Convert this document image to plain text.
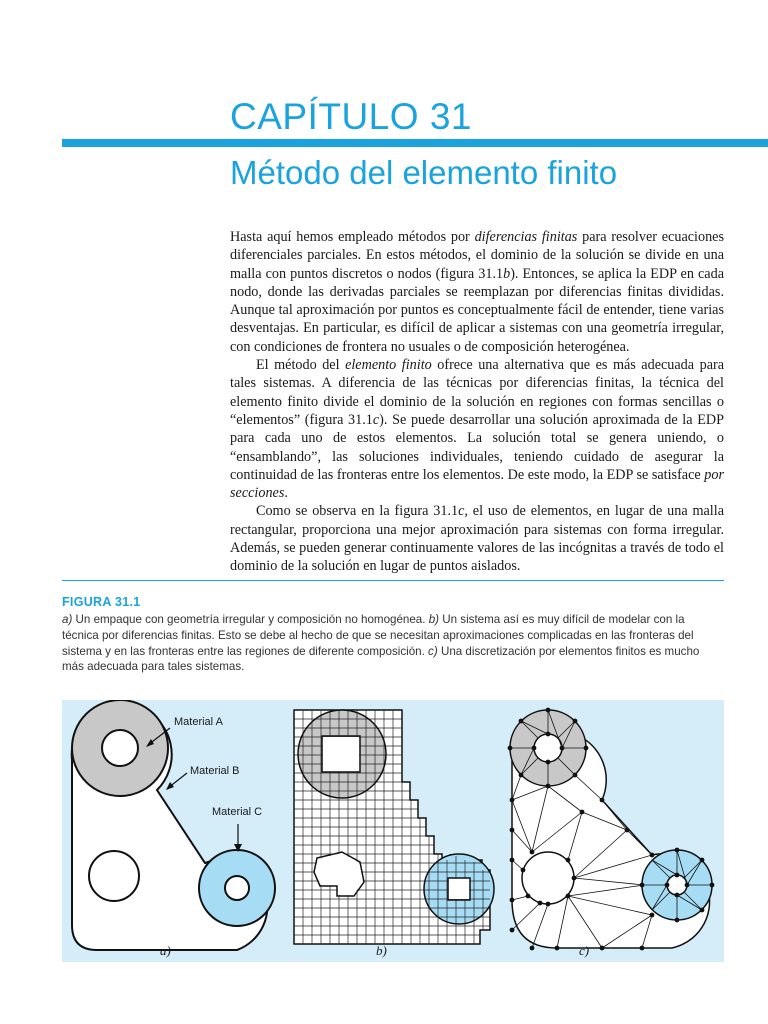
CAPÍTULO 31
Método del elemento finito

Hasta aquí hemos empleado métodos por diferencias finitas para resolver ecuaciones diferenciales parciales. En estos métodos, el dominio de la solución se divide en una malla con puntos discretos o nodos (figura 31.1b). Entonces, se aplica la EDP en cada nodo, donde las derivadas parciales se reemplazan por diferencias finitas divididas. Aunque tal aproximación por puntos es conceptualmente fácil de entender, tiene varias desventajas. En particular, es difícil de aplicar a sistemas con una geometría irregular, con condiciones de frontera no usuales o de composición heterogénea.

El método del elemento finito ofrece una alternativa que es más adecuada para tales sistemas. A diferencia de las técnicas por diferencias finitas, la técnica del elemento finito divide el dominio de la solución en regiones con formas sencillas o “elementos” (figura 31.1c). Se puede desarrollar una solución aproximada de la EDP para cada uno de estos elementos. La solución total se genera uniendo, o “ensamblando”, las soluciones individuales, teniendo cuidado de asegurar la continuidad de las fronteras entre los elementos. De este modo, la EDP se satisface por secciones.

Como se observa en la figura 31.1c, el uso de elementos, en lugar de una malla rectangular, proporciona una mejor aproximación para sistemas con forma irregular. Además, se pueden generar continuamente valores de las incógnitas a través de todo el dominio de la solución en lugar de puntos aislados.

FIGURA 31.1
a) Un empaque con geometría irregular y composición no homogénea. b) Un sistema así es muy difícil de modelar con la técnica por diferencias finitas. Esto se debe al hecho de que se necesitan aproximaciones complicadas en las fronteras del sistema y en las fronteras entre las regiones de diferente composición. c) Una discretización por elementos finitos es mucho más adecuada para tales sistemas.
Material A
Material B
Material C
a)	b)	c)
